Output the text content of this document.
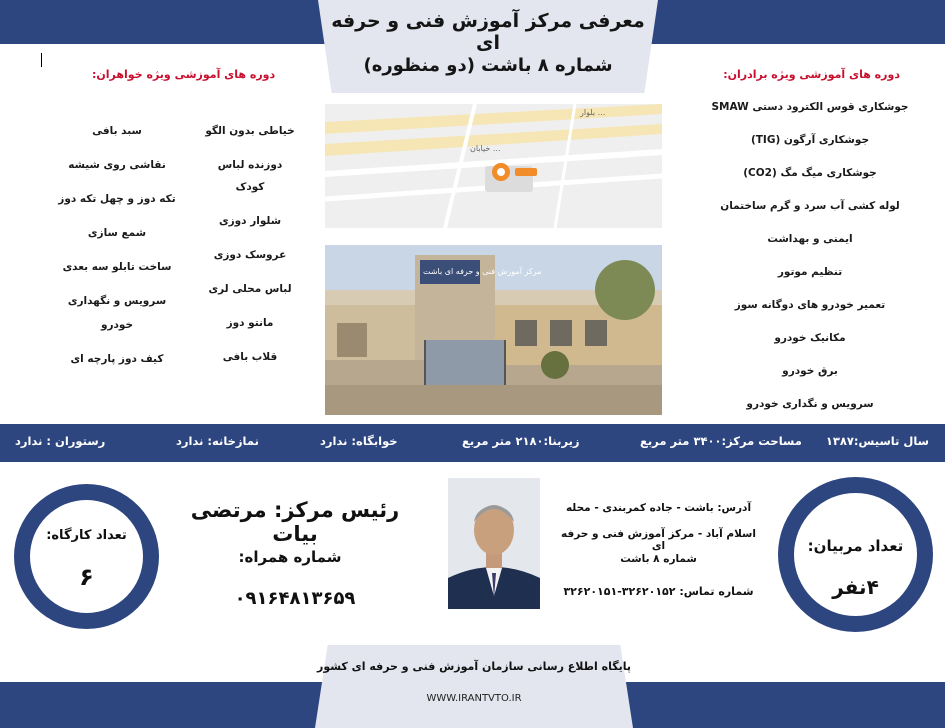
معرفی مرکز آموزش فنی و حرفه ای
شماره ۸ باشت (دو منظوره)	دوره های آموزشی ویژه برادران:
جوشکاری قوس الکترود دستی SMAW
جوشکاری آرگون (TIG)
جوشکاری میگ مگ (CO2)
لوله کشی آب سرد و گرم ساختمان
ایمنی و بهداشت
تنظیم موتور
تعمیر خودرو های دوگانه سوز
مکانیک خودرو
برق خودرو
سرویس و نگداری خودرو
دوره های آموزشی ویژه خواهران:
سبد بافی
نقاشی روی شیشه
تکه دوز و چهل تکه دوز
شمع سازی
ساخت تابلو سه بعدی
سرویس و نگهداری
خودرو
کیف دوز پارچه ای
خیاطی بدون الگو
دوزنده لباس
کودک
شلوار دوزی
عروسک دوزی
لباس محلی لری
مانتو دوز
قلاب بافی
بلوار ...
خیابان ...
مرکز آموزش فنی و حرفه ای باشت
سال تاسیس:۱۳۸۷
مساحت مرکز:۳۴۰۰ متر مربع
زیربنا:۲۱۸۰ متر مربع
خوابگاه: ندارد
نمازخانه: ندارد
رستوران : ندارد
تعداد کارگاه:
۶
رئیس مرکز: مرتضی بیات
شماره همراه:
۰۹۱۶۴۸۱۳۶۵۹
آدرس: باشت - جاده کمربندی - محله
اسلام آباد - مرکز آموزش فنی و حرفه ای
شماره ۸ باشت
شماره تماس: ۳۲۶۲۰۱۵۲-۳۲۶۲۰۱۵۱
تعداد مربیان:
۴نفر
پایگاه اطلاع رسانی سازمان آموزش فنی و حرفه ای کشور
WWW.IRANTVTO.IR
